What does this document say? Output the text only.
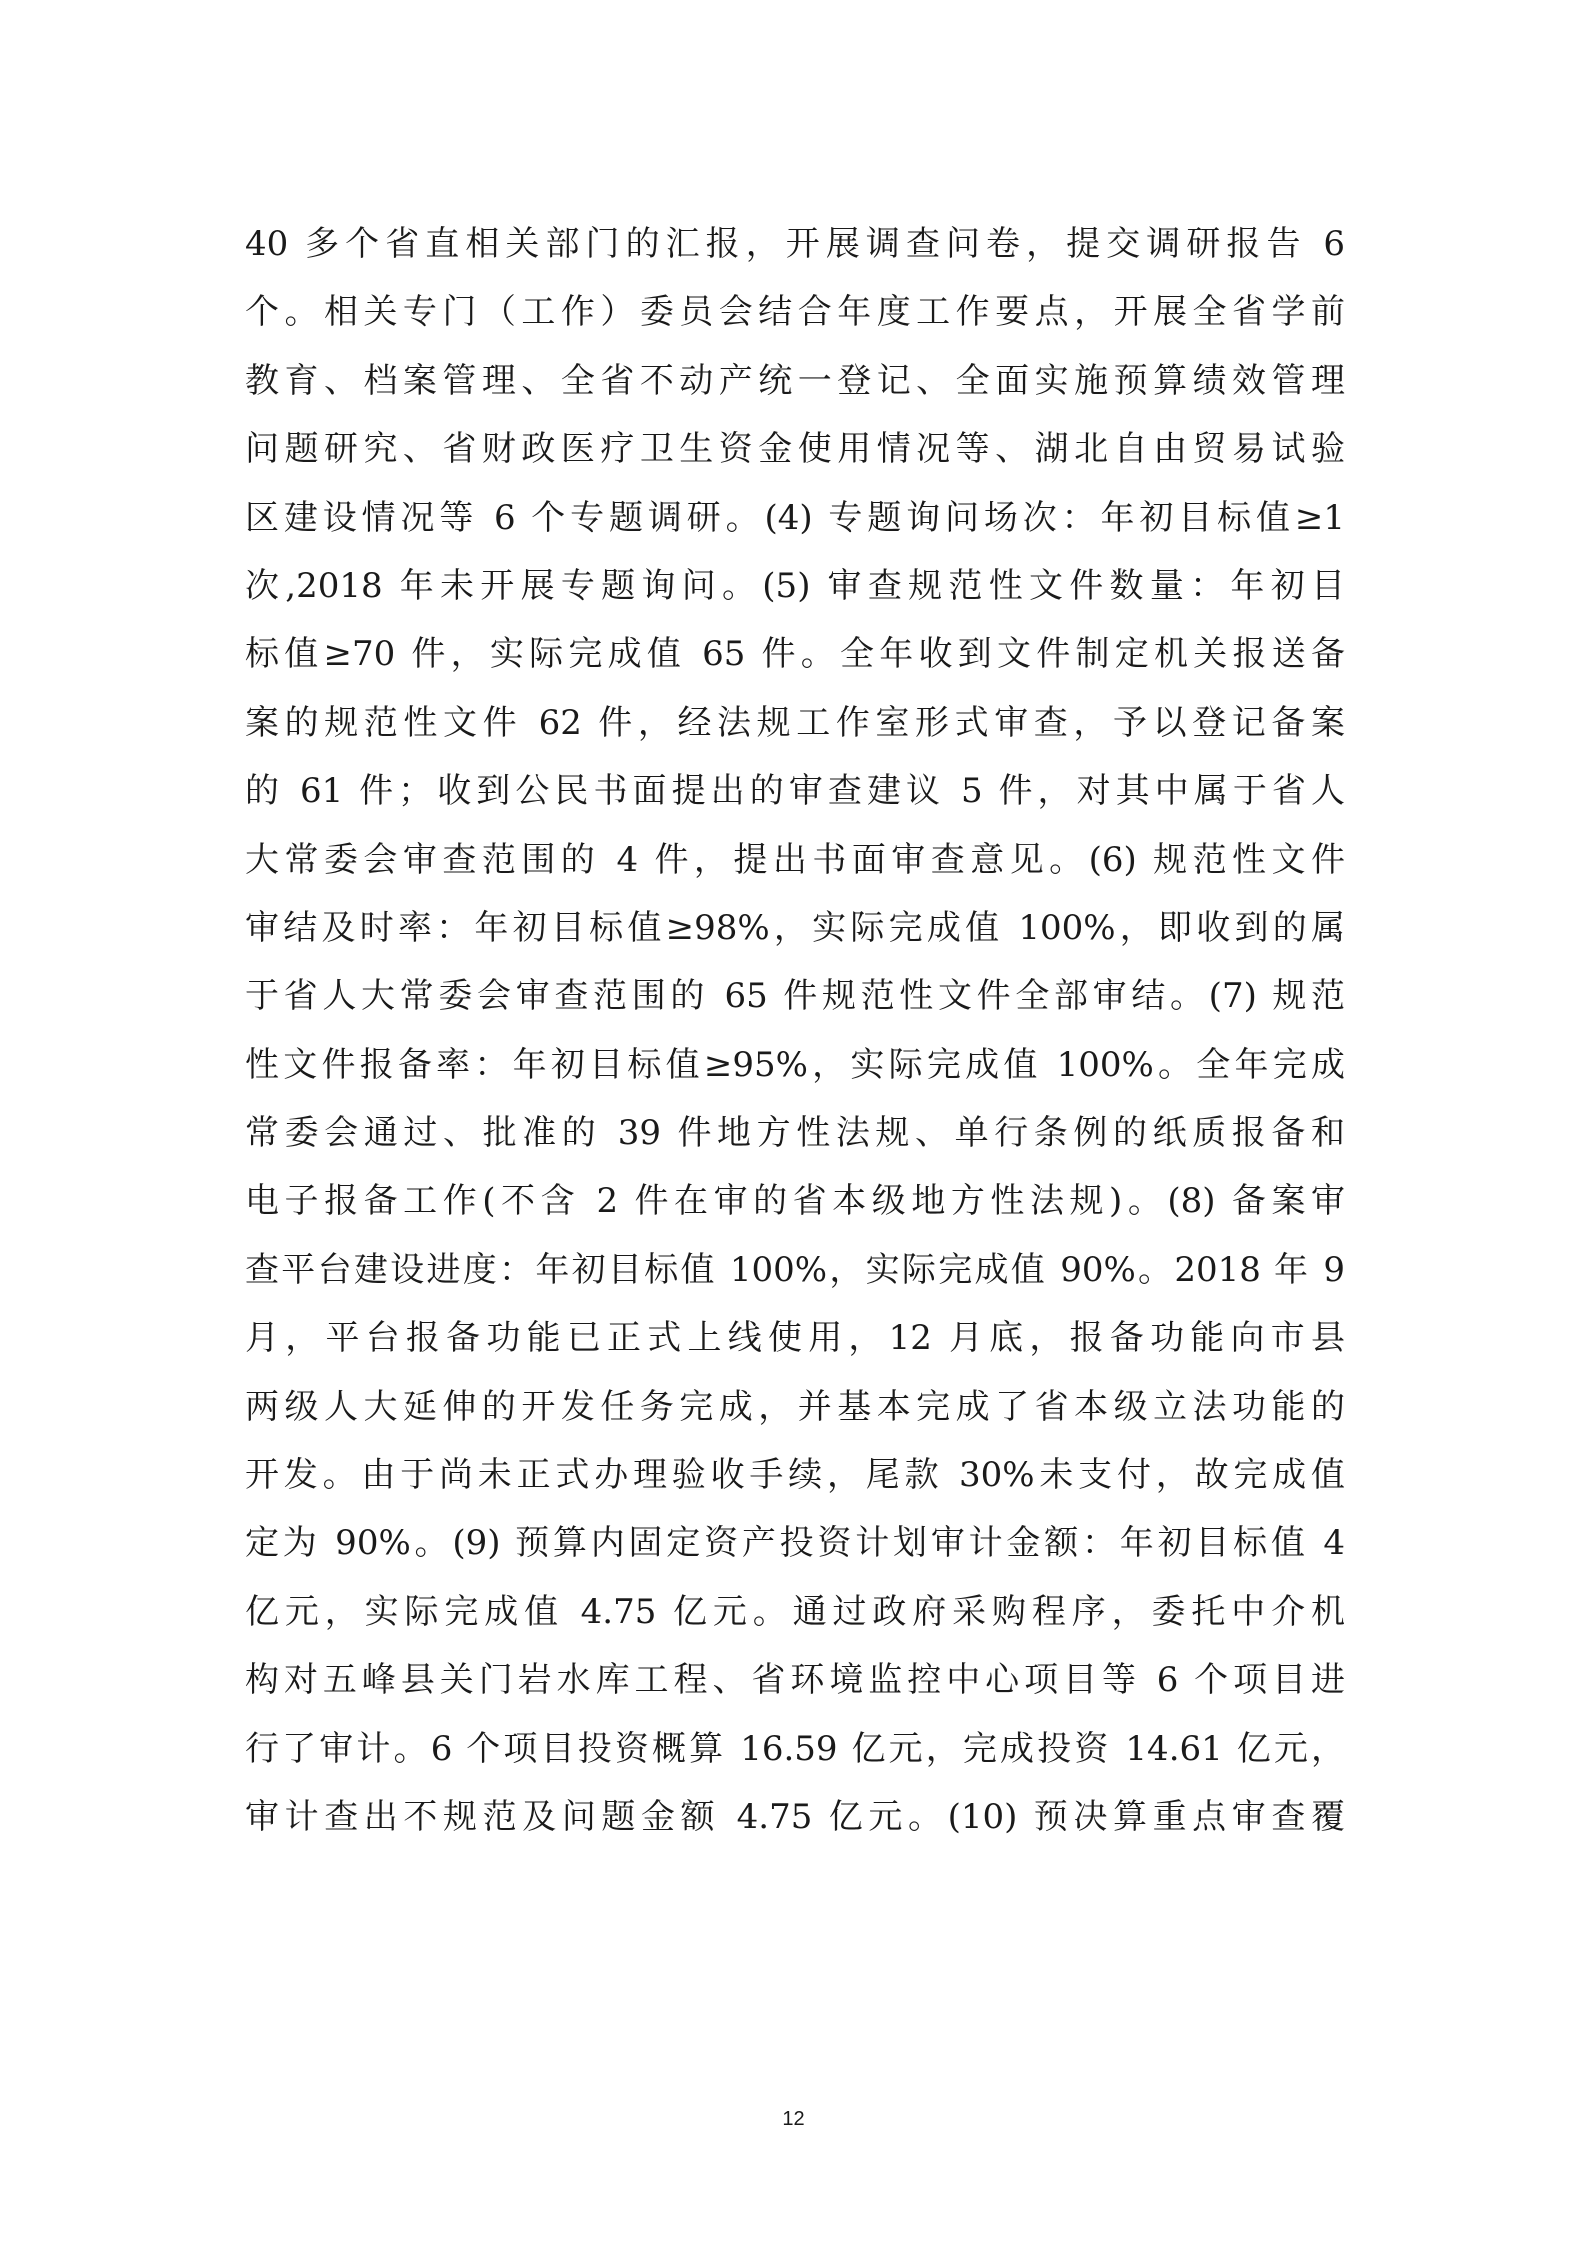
40 多个省直相关部门的汇报，开展调查问卷，提交调研报告 6
个。相关专门（工作）委员会结合年度工作要点，开展全省学前
教育、档案管理、全省不动产统一登记、全面实施预算绩效管理
问题研究、省财政医疗卫生资金使用情况等、湖北自由贸易试验
区建设情况等 6 个专题调研。(4) 专题询问场次：年初目标值≥1
次,2018 年未开展专题询问。(5) 审查规范性文件数量：年初目
标值≥70 件，实际完成值 65 件。全年收到文件制定机关报送备
案的规范性文件 62 件，经法规工作室形式审查，予以登记备案
的 61 件；收到公民书面提出的审查建议 5 件，对其中属于省人
大常委会审查范围的 4 件，提出书面审查意见。(6) 规范性文件
审结及时率：年初目标值≥98%，实际完成值 100%，即收到的属
于省人大常委会审查范围的 65 件规范性文件全部审结。(7) 规范
性文件报备率：年初目标值≥95%，实际完成值 100%。全年完成
常委会通过、批准的 39 件地方性法规、单行条例的纸质报备和
电子报备工作(不含 2 件在审的省本级地方性法规)。(8) 备案审
查平台建设进度：年初目标值 100%，实际完成值 90%。2018 年 9
月，平台报备功能已正式上线使用，12 月底，报备功能向市县
两级人大延伸的开发任务完成，并基本完成了省本级立法功能的
开发。由于尚未正式办理验收手续，尾款 30%未支付，故完成值
定为 90%。(9) 预算内固定资产投资计划审计金额：年初目标值 4
亿元，实际完成值 4.75 亿元。通过政府采购程序，委托中介机
构对五峰县关门岩水库工程、省环境监控中心项目等 6 个项目进
行了审计。6 个项目投资概算 16.59 亿元，完成投资 14.61 亿元，
审计查出不规范及问题金额 4.75 亿元。(10) 预决算重点审查覆
12
